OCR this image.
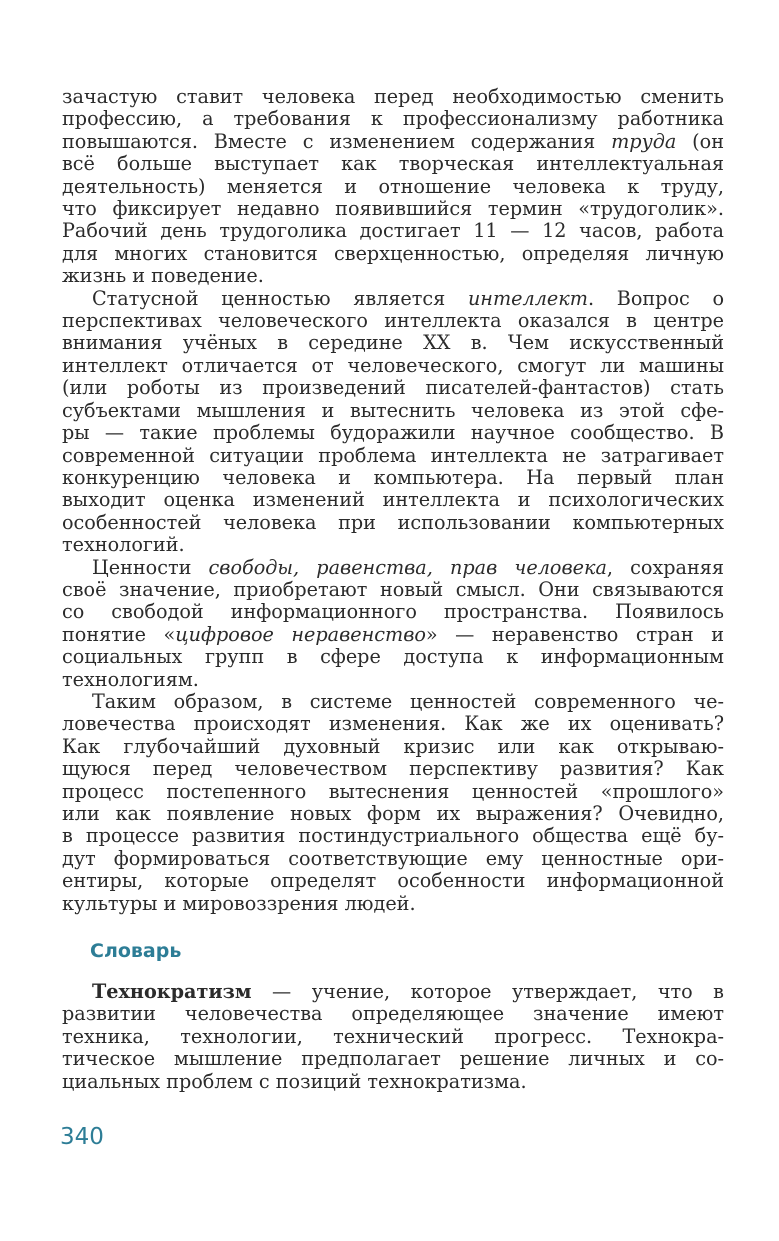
зачастую ставит человека перед необходимостью сменить
профессию, а требования к профессионализму работника
повышаются. Вместе с изменением содержания труда (он
всё больше выступает как творческая интеллектуальная
деятельность) меняется и отношение человека к труду,
что фиксирует недавно появившийся термин «трудоголик».
Рабочий день трудоголика достигает 11 — 12 часов, работа
для многих становится сверхценностью, определяя личную
жизнь и поведение.

Статусной ценностью является интеллект. Вопрос о
перспективах человеческого интеллекта оказался в центре
внимания учёных в середине XX в. Чем искусственный
интеллект отличается от человеческого, смогут ли машины
(или роботы из произведений писателей-фантастов) стать
субъектами мышления и вытеснить человека из этой сфе-
ры — такие проблемы будоражили научное сообщество. В
современной ситуации проблема интеллекта не затрагивает
конкуренцию человека и компьютера. На первый план
выходит оценка изменений интеллекта и психологических
особенностей человека при использовании компьютерных
технологий.

Ценности свободы, равенства, прав человека, сохраняя
своё значение, приобретают новый смысл. Они связываются
со свободой информационного пространства. Появилось
понятие «цифровое неравенство» — неравенство стран и
социальных групп в сфере доступа к информационным
технологиям.

Таким образом, в системе ценностей современного че-
ловечества происходят изменения. Как же их оценивать?
Как глубочайший духовный кризис или как открываю-
щуюся перед человечеством перспективу развития? Как
процесс постепенного вытеснения ценностей «прошлого»
или как появление новых форм их выражения? Очевидно,
в процессе развития постиндустриального общества ещё бу-
дут формироваться соответствующие ему ценностные ори-
ентиры, которые определят особенности информационной
культуры и мировоззрения людей.

Словарь

Технократизм — учение, которое утверждает, что в
развитии человечества определяющее значение имеют
техника, технологии, технический прогресс. Технокра-
тическое мышление предполагает решение личных и со-
циальных проблем с позиций технократизма.

340
